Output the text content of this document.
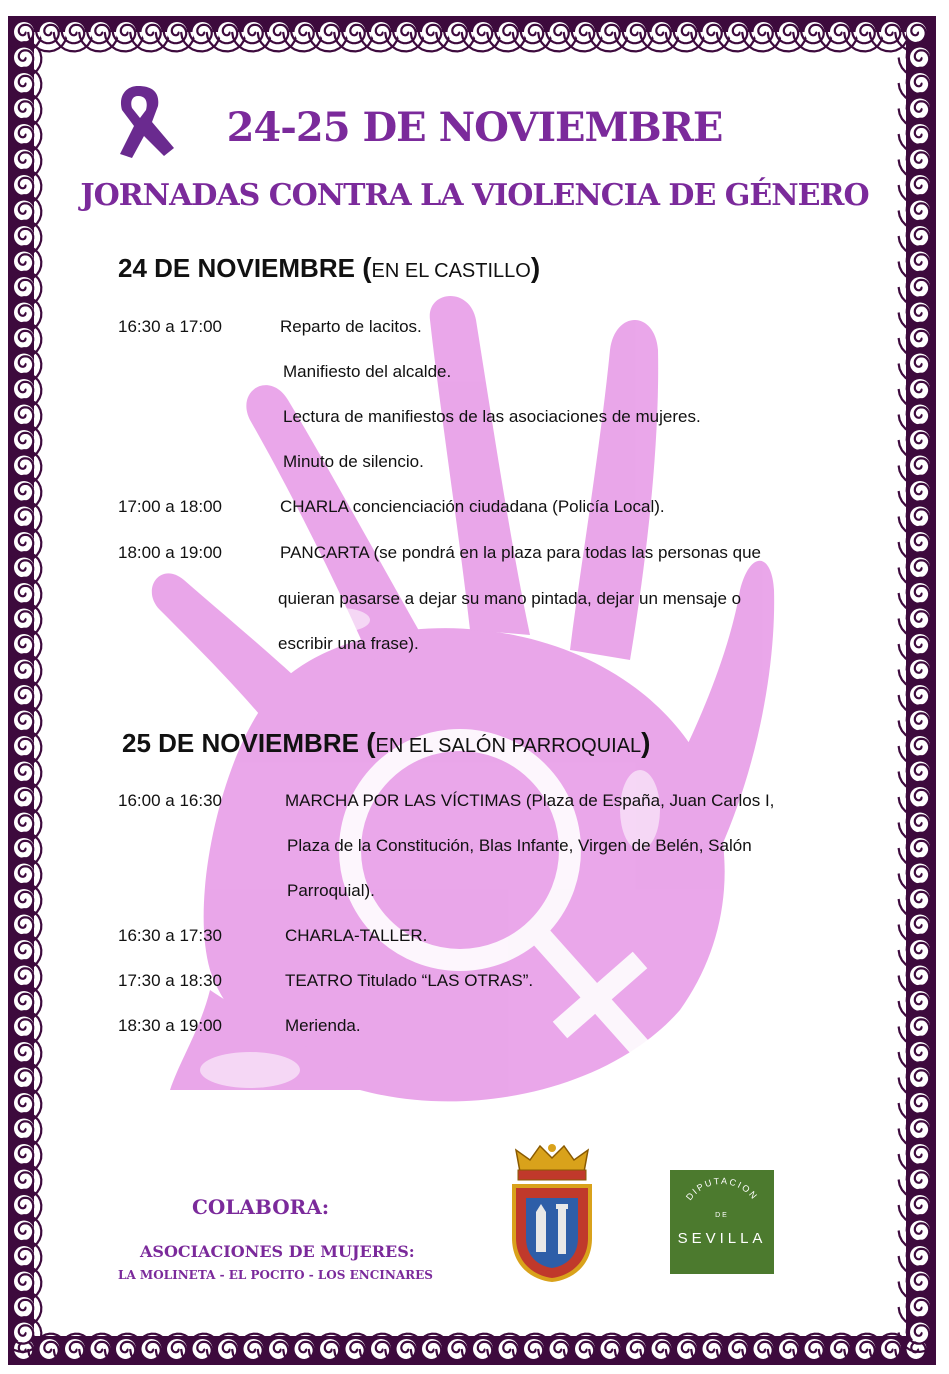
24-25 DE NOVIEMBRE
JORNADAS CONTRA LA VIOLENCIA DE GÉNERO
24 DE NOVIEMBRE (EN EL CASTILLO)
16:30 a 17:00	Reparto de lacitos.
Manifiesto del alcalde.
Lectura de manifiestos de las asociaciones de mujeres.
Minuto de silencio.
17:00 a 18:00	CHARLA concienciación ciudadana (Policía Local).
18:00 a 19:00	PANCARTA (se pondrá en la plaza para todas las personas que
quieran pasarse a dejar su mano pintada, dejar un mensaje o
escribir una frase).
25 DE NOVIEMBRE (EN EL SALÓN PARROQUIAL)
16:00 a 16:30	MARCHA POR LAS VÍCTIMAS (Plaza de España, Juan Carlos I,
Plaza de la Constitución, Blas Infante, Virgen de Belén, Salón
Parroquial).
16:30 a 17:30	CHARLA-TALLER.
17:30 a 18:30	TEATRO Titulado “LAS OTRAS”.
18:30 a 19:00	Merienda.
COLABORA:
ASOCIACIONES DE MUJERES:
LA MOLINETA - EL POCITO - LOS ENCINARES
DIPUTACION
DE
SEVILLA
